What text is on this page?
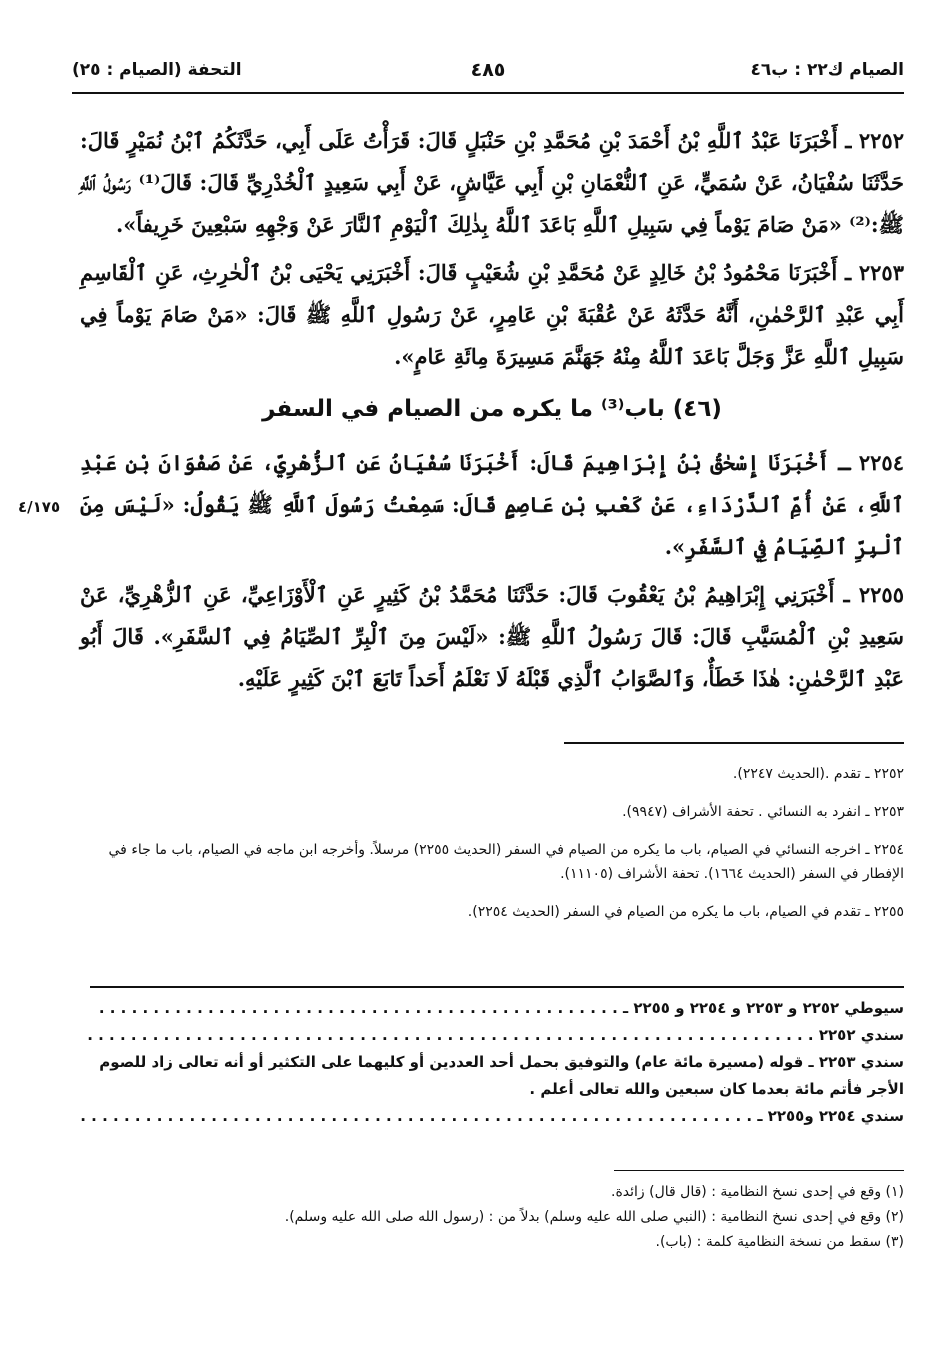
الصيام ك٢٢ : ب٤٦
٤٨٥
التحفة (الصيام : ٢٥)

٢٢٥٢ ـ أَخْبَرَنَا عَبْدُ ٱللَّهِ بْنُ أَحْمَدَ بْنِ مُحَمَّدِ بْنِ حَنْبَلٍ قَالَ: قَرَأْتُ عَلَى أَبِي، حَدَّثَكُمُ ٱبْنُ نُمَيْرٍ قَالَ: حَدَّثَنَا سُفْيَانُ، عَنْ سُمَيٍّ، عَنِ ٱلنُّعْمَانِ بْنِ أَبِي عَيَّاشٍ، عَنْ أَبِي سَعِيدٍ ٱلْخُدْرِيِّ قَالَ: قَالَ⁽¹⁾ رَسُولُ ٱللَّهِ ﷺ:⁽²⁾ «مَنْ صَامَ يَوْماً فِي سَبِيلِ ٱللَّهِ بَاعَدَ ٱللَّهُ بِذٰلِكَ ٱلْيَوْمِ ٱلنَّارَ عَنْ وَجْهِهِ سَبْعِينَ خَرِيفاً».

٢٢٥٣ ـ أَخْبَرَنَا مَحْمُودُ بْنُ خَالِدٍ عَنْ مُحَمَّدِ بْنِ شُعَيْبٍ قَالَ: أَخْبَرَنِي يَحْيَى بْنُ ٱلْحٰرِثِ، عَنِ ٱلْقَاسِمِ أَبِي عَبْدِ ٱلرَّحْمٰنِ، أَنَّهُ حَدَّثَهُ عَنْ عُقْبَةَ بْنِ عَامِرٍ، عَنْ رَسُولِ ٱللَّهِ ﷺ قَالَ: «مَنْ صَامَ يَوْماً فِي سَبِيلِ ٱللَّهِ عَزَّ وَجَلَّ بَاعَدَ ٱللَّهُ مِنْهُ جَهَنَّمَ مَسِيرَةَ مِائَةِ عَامٍ».

(٤٦) باب⁽³⁾ ما يكره من الصيام في السفر

٢٢٥٤ ـ أَخْبَرَنَا إِسْحٰقُ بْنُ إِبْرَاهِيمَ قَالَ: أَخْبَرَنَا سُفْيَانُ عَنِ ٱلزُّهْرِيِّ، عَنْ صَفْوَانَ بْنِ عَبْدِ ٱللَّهِ، عَنْ أُمِّ ٱلدَّرْدَاءِ، عَنْ كَعْبِ بْنِ عَاصِمٍ قَالَ: سَمِعْتُ رَسُولَ ٱللَّهِ ﷺ يَقُولُ: «لَيْسَ مِنَ ٱلْبِرِّ ٱلصِّيَامُ فِي ٱلسَّفَرِ».

٢٢٥٥ ـ أَخْبَرَنِي إِبْرَاهِيمُ بْنُ يَعْقُوبَ قَالَ: حَدَّثَنَا مُحَمَّدُ بْنُ كَثِيرٍ عَنِ ٱلْأَوْزَاعِيِّ، عَنِ ٱلزُّهْرِيِّ، عَنْ سَعِيدِ بْنِ ٱلْمُسَيَّبِ قَالَ: قَالَ رَسُولُ ٱللَّهِ ﷺ: «لَيْسَ مِنَ ٱلْبِرِّ ٱلصِّيَامُ فِي ٱلسَّفَرِ». قَالَ أَبُو عَبْدِ ٱلرَّحْمٰنِ: هٰذَا خَطَأٌ، وَٱلصَّوَابُ ٱلَّذِي قَبْلَهُ لَا نَعْلَمُ أَحَداً تَابَعَ ٱبْنَ كَثِيرٍ عَلَيْهِ.

٤/١٧٥

٢٢٥٢ ـ تقدم .(الحديث ٢٢٤٧).

٢٢٥٣ ـ انفرد به النسائي . تحفة الأشراف (٩٩٤٧).

٢٢٥٤ ـ اخرجه النسائي في الصيام، باب ما يكره من الصيام في السفر (الحديث ٢٢٥٥) مرسلاً. وأخرجه ابن ماجه في الصيام، باب ما جاء في الإفطار في السفر (الحديث ١٦٦٤). تحفة الأشراف (١١١٠٥).

٢٢٥٥ ـ تقدم في الصيام، باب ما يكره من الصيام في السفر (الحديث ٢٢٥٤).

سيوطي ٢٢٥٢ و ٢٢٥٣ و ٢٢٥٤ و ٢٢٥٥ ـ . . . . . . . . . . . . . . . . . . . . . . . . . . . . . . . . . . . . . . . . . . . . . . . .

سندي ٢٢٥٢ . . . . . . . . . . . . . . . . . . . . . . . . . . . . . . . . . . . . . . . . . . . . . . . . . . . . . . . . . . . . . . . . . . .

سندي ٢٢٥٣ ـ قوله (مسيرة مائة عام) والتوفيق بحمل أحد العددين أو كليهما على التكثير أو أنه تعالى زاد للصوم الأجر فأتم مائة بعدما كان سبعين والله تعالى أعلم .

سندي ٢٢٥٤ و٢٢٥٥ ـ . . . . . . . . . . . . . . . . . . . . . . . . . . . . . . . . . . . . . . . . . . . . . . . . . . . . . . . . . . . . . .

(١) وقع في إحدى نسخ النظامية : (قال قال) زائدة.

(٢) وقع في إحدى نسخ النظامية : (النبي صلى الله عليه وسلم) بدلاً من : (رسول الله صلى الله عليه وسلم).

(٣) سقط من نسخة النظامية كلمة : (باب).
